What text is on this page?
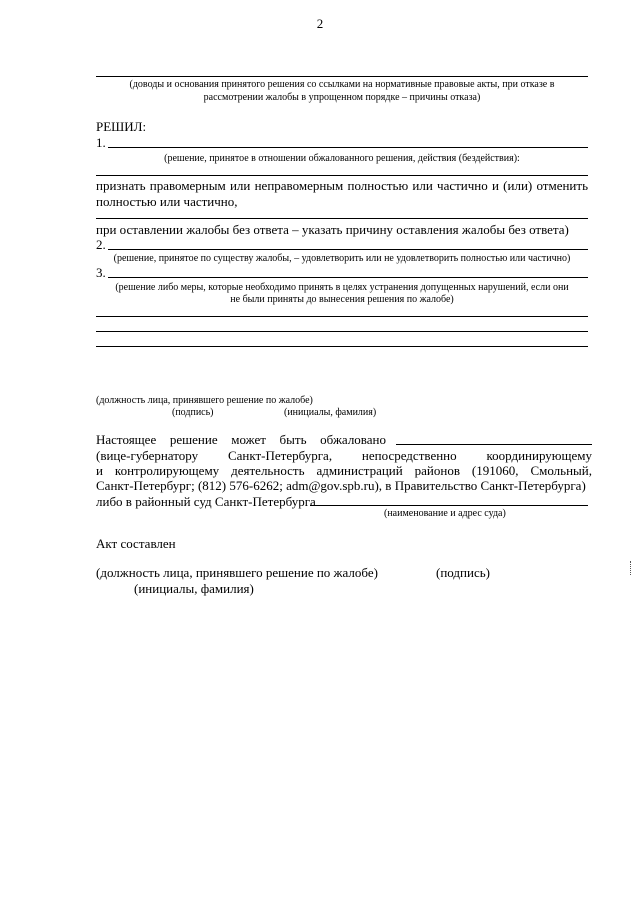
2
(доводы и основания принятого решения со ссылками на нормативные правовые акты, при отказе в
рассмотрении жалобы в упрощенном порядке – причины отказа)
РЕШИЛ:
1.
(решение, принятое в отношении обжалованного решения, действия (бездействия):
признать правомерным или неправомерным полностью или частично и (или) отменить
полностью или частично,
при оставлении жалобы без ответа – указать причину оставления жалобы без ответа)
2.
(решение, принятое по существу жалобы, – удовлетворить или не удовлетворить полностью или частично)
3.
(решение либо меры, которые необходимо принять в целях устранения допущенных нарушений, если они
не были приняты до вынесения решения по жалобе)
(должность лица, принявшего решение по жалобе)
(подпись)	(инициалы, фамилия)
Настоящее решение может быть обжаловано
(вице-губернатору Санкт-Петербурга, непосредственно координирующему
и контролирующему деятельность администраций районов (191060, Смольный,
Санкт-Петербург; (812) 576-6262; adm@gov.spb.ru), в Правительство Санкт-Петербурга)
либо в районный суд Санкт-Петербурга
(наименование и адрес суда)
Акт составлен
(должность лица, принявшего решение по жалобе)	(подпись)
(инициалы, фамилия)
